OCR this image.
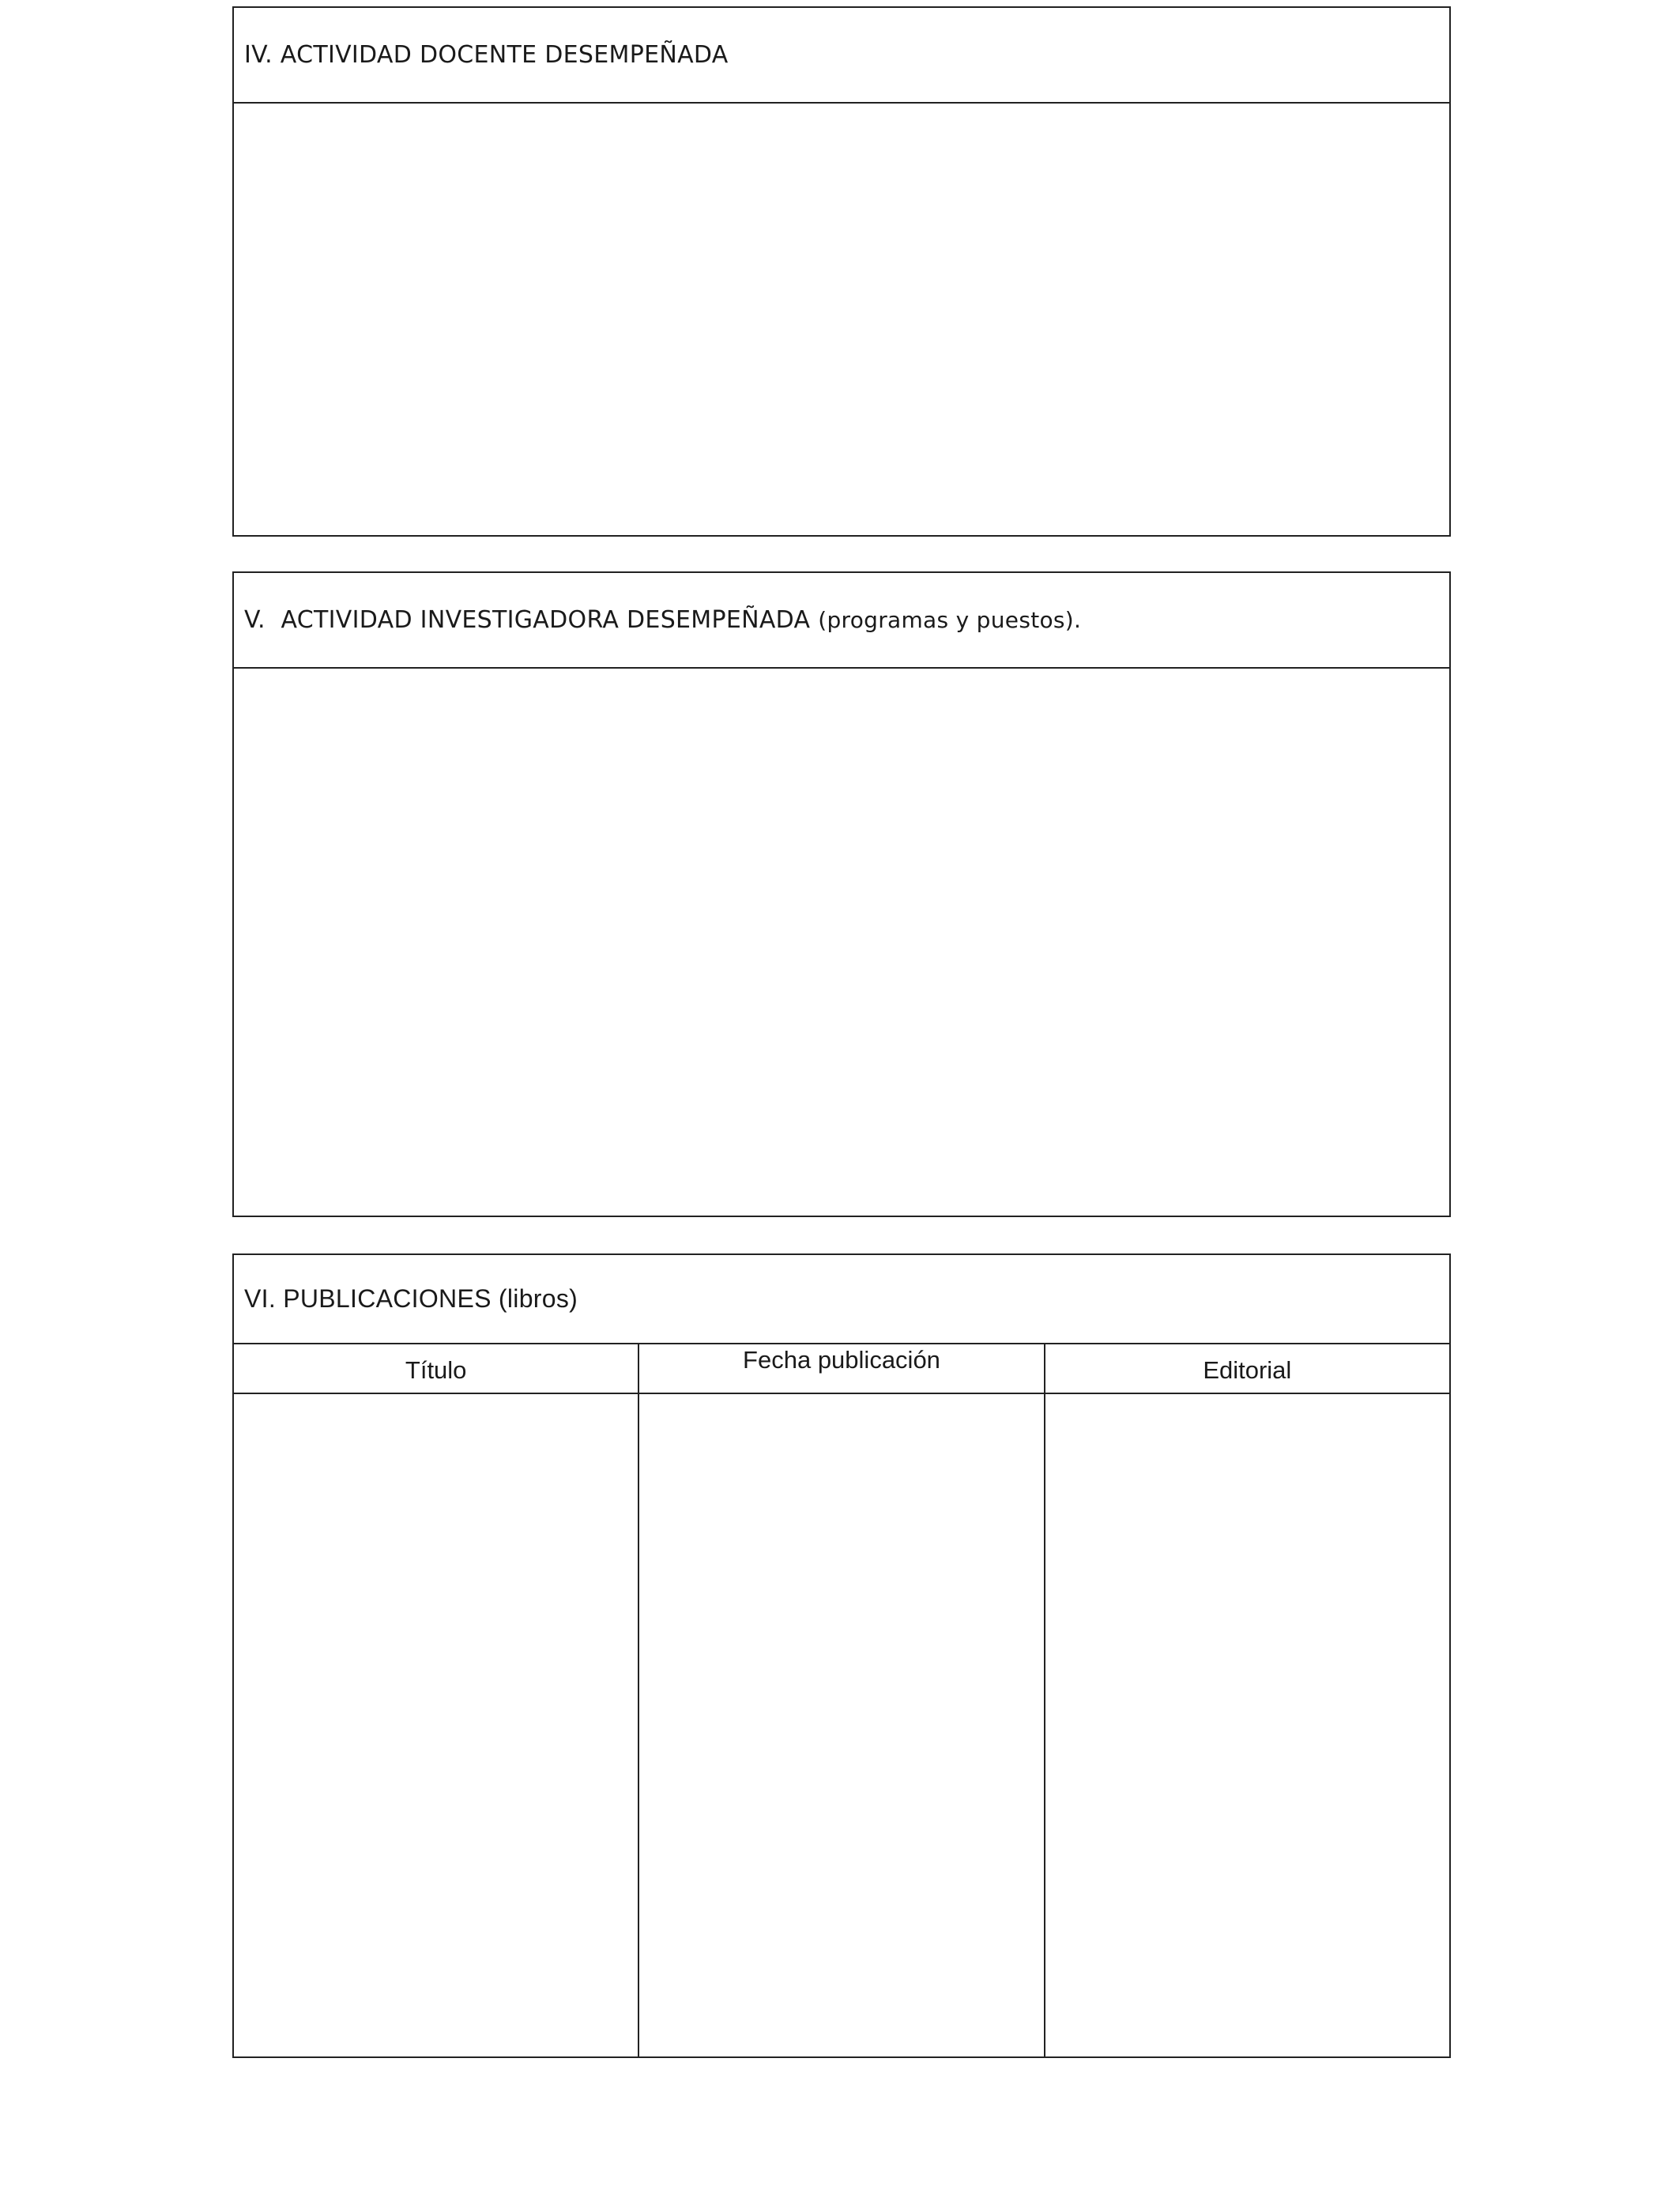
IV. ACTIVIDAD DOCENTE DESEMPEÑADA
V.  ACTIVIDAD INVESTIGADORA DESEMPEÑADA (programas y puestos).
VI. PUBLICACIONES (libros)
Título	Fecha publicación	Editorial
